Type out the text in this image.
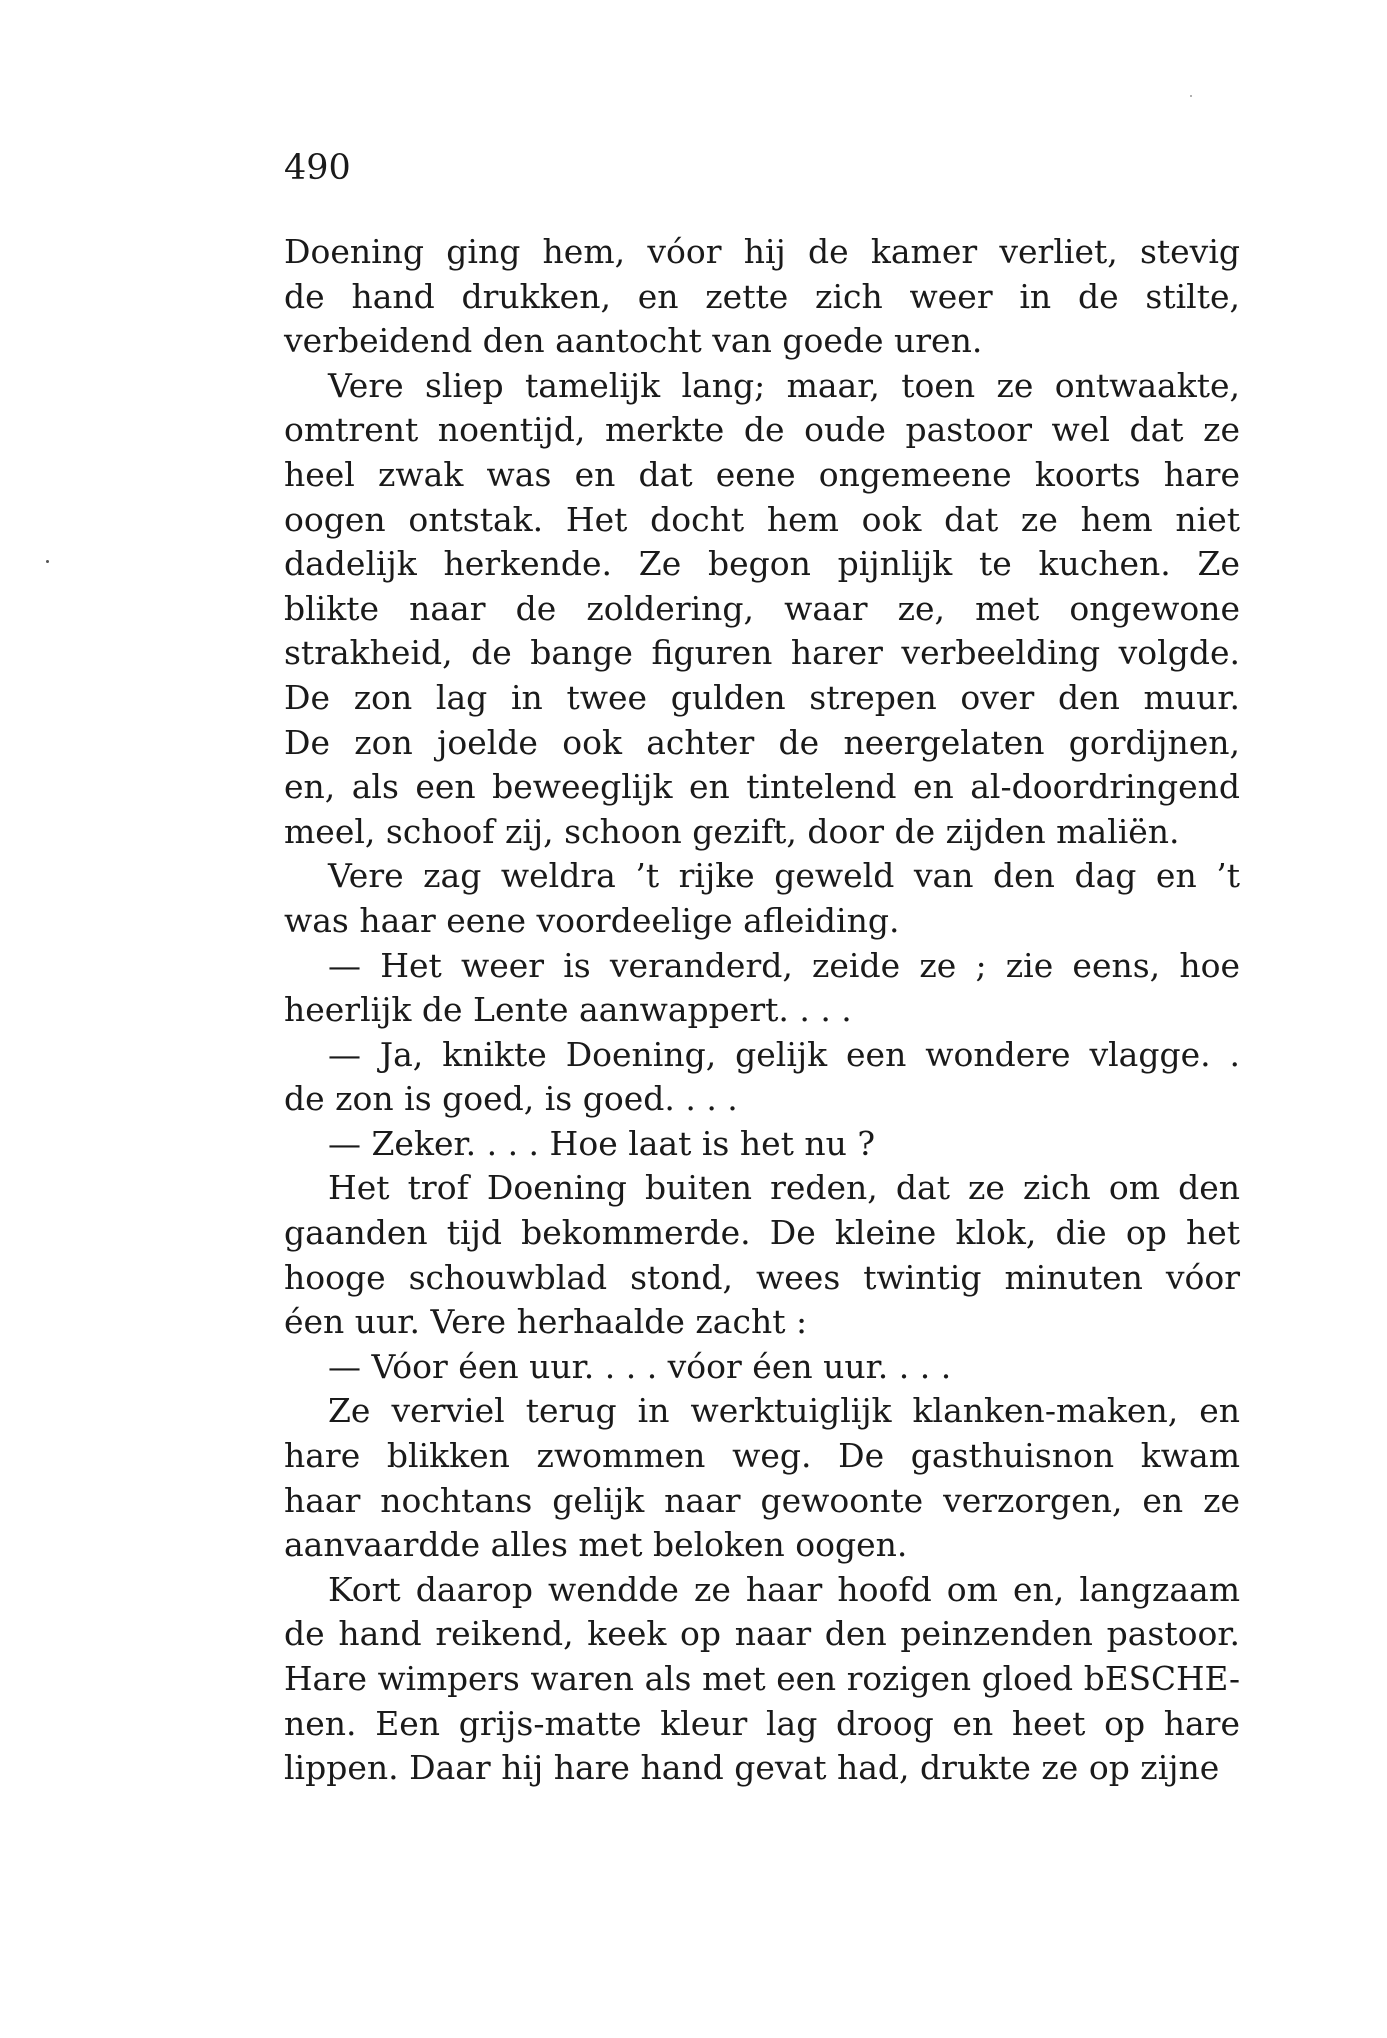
490

Doening ging hem, vóor hij de kamer verliet, stevig
de hand drukken, en zette zich weer in de stilte,
verbeidend den aantocht van goede uren.
Vere sliep tamelijk lang; maar, toen ze ontwaakte,
omtrent noentijd, merkte de oude pastoor wel dat ze
heel zwak was en dat eene ongemeene koorts hare
oogen ontstak. Het docht hem ook dat ze hem niet
dadelijk herkende. Ze begon pijnlijk te kuchen. Ze
blikte naar de zoldering, waar ze, met ongewone
strakheid, de bange figuren harer verbeelding volgde.
De zon lag in twee gulden strepen over den muur.
De zon joelde ook achter de neergelaten gordijnen,
en, als een beweeglijk en tintelend en al-doordringend
meel, schoof zij, schoon gezift, door de zijden maliën.
Vere zag weldra ’t rijke geweld van den dag en ’t
was haar eene voordeelige afleiding.
— Het weer is veranderd, zeide ze ; zie eens, hoe
heerlijk de Lente aanwappert. . . .
— Ja, knikte Doening, gelijk een wondere vlagge. .
de zon is goed, is goed. . . .
— Zeker. . . . Hoe laat is het nu ?
Het trof Doening buiten reden, dat ze zich om den
gaanden tijd bekommerde. De kleine klok, die op het
hooge schouwblad stond, wees twintig minuten vóor
éen uur. Vere herhaalde zacht :
— Vóor éen uur. . . . vóor éen uur. . . .
Ze verviel terug in werktuiglijk klanken-maken, en
hare blikken zwommen weg. De gasthuisnon kwam
haar nochtans gelijk naar gewoonte verzorgen, en ze
aanvaardde alles met beloken oogen.
Kort daarop wendde ze haar hoofd om en, langzaam
de hand reikend, keek op naar den peinzenden pastoor.
Hare wimpers waren als met een rozigen gloed bESCHE-
nen. Een grijs-matte kleur lag droog en heet op hare
lippen. Daar hij hare hand gevat had, drukte ze op zijne
